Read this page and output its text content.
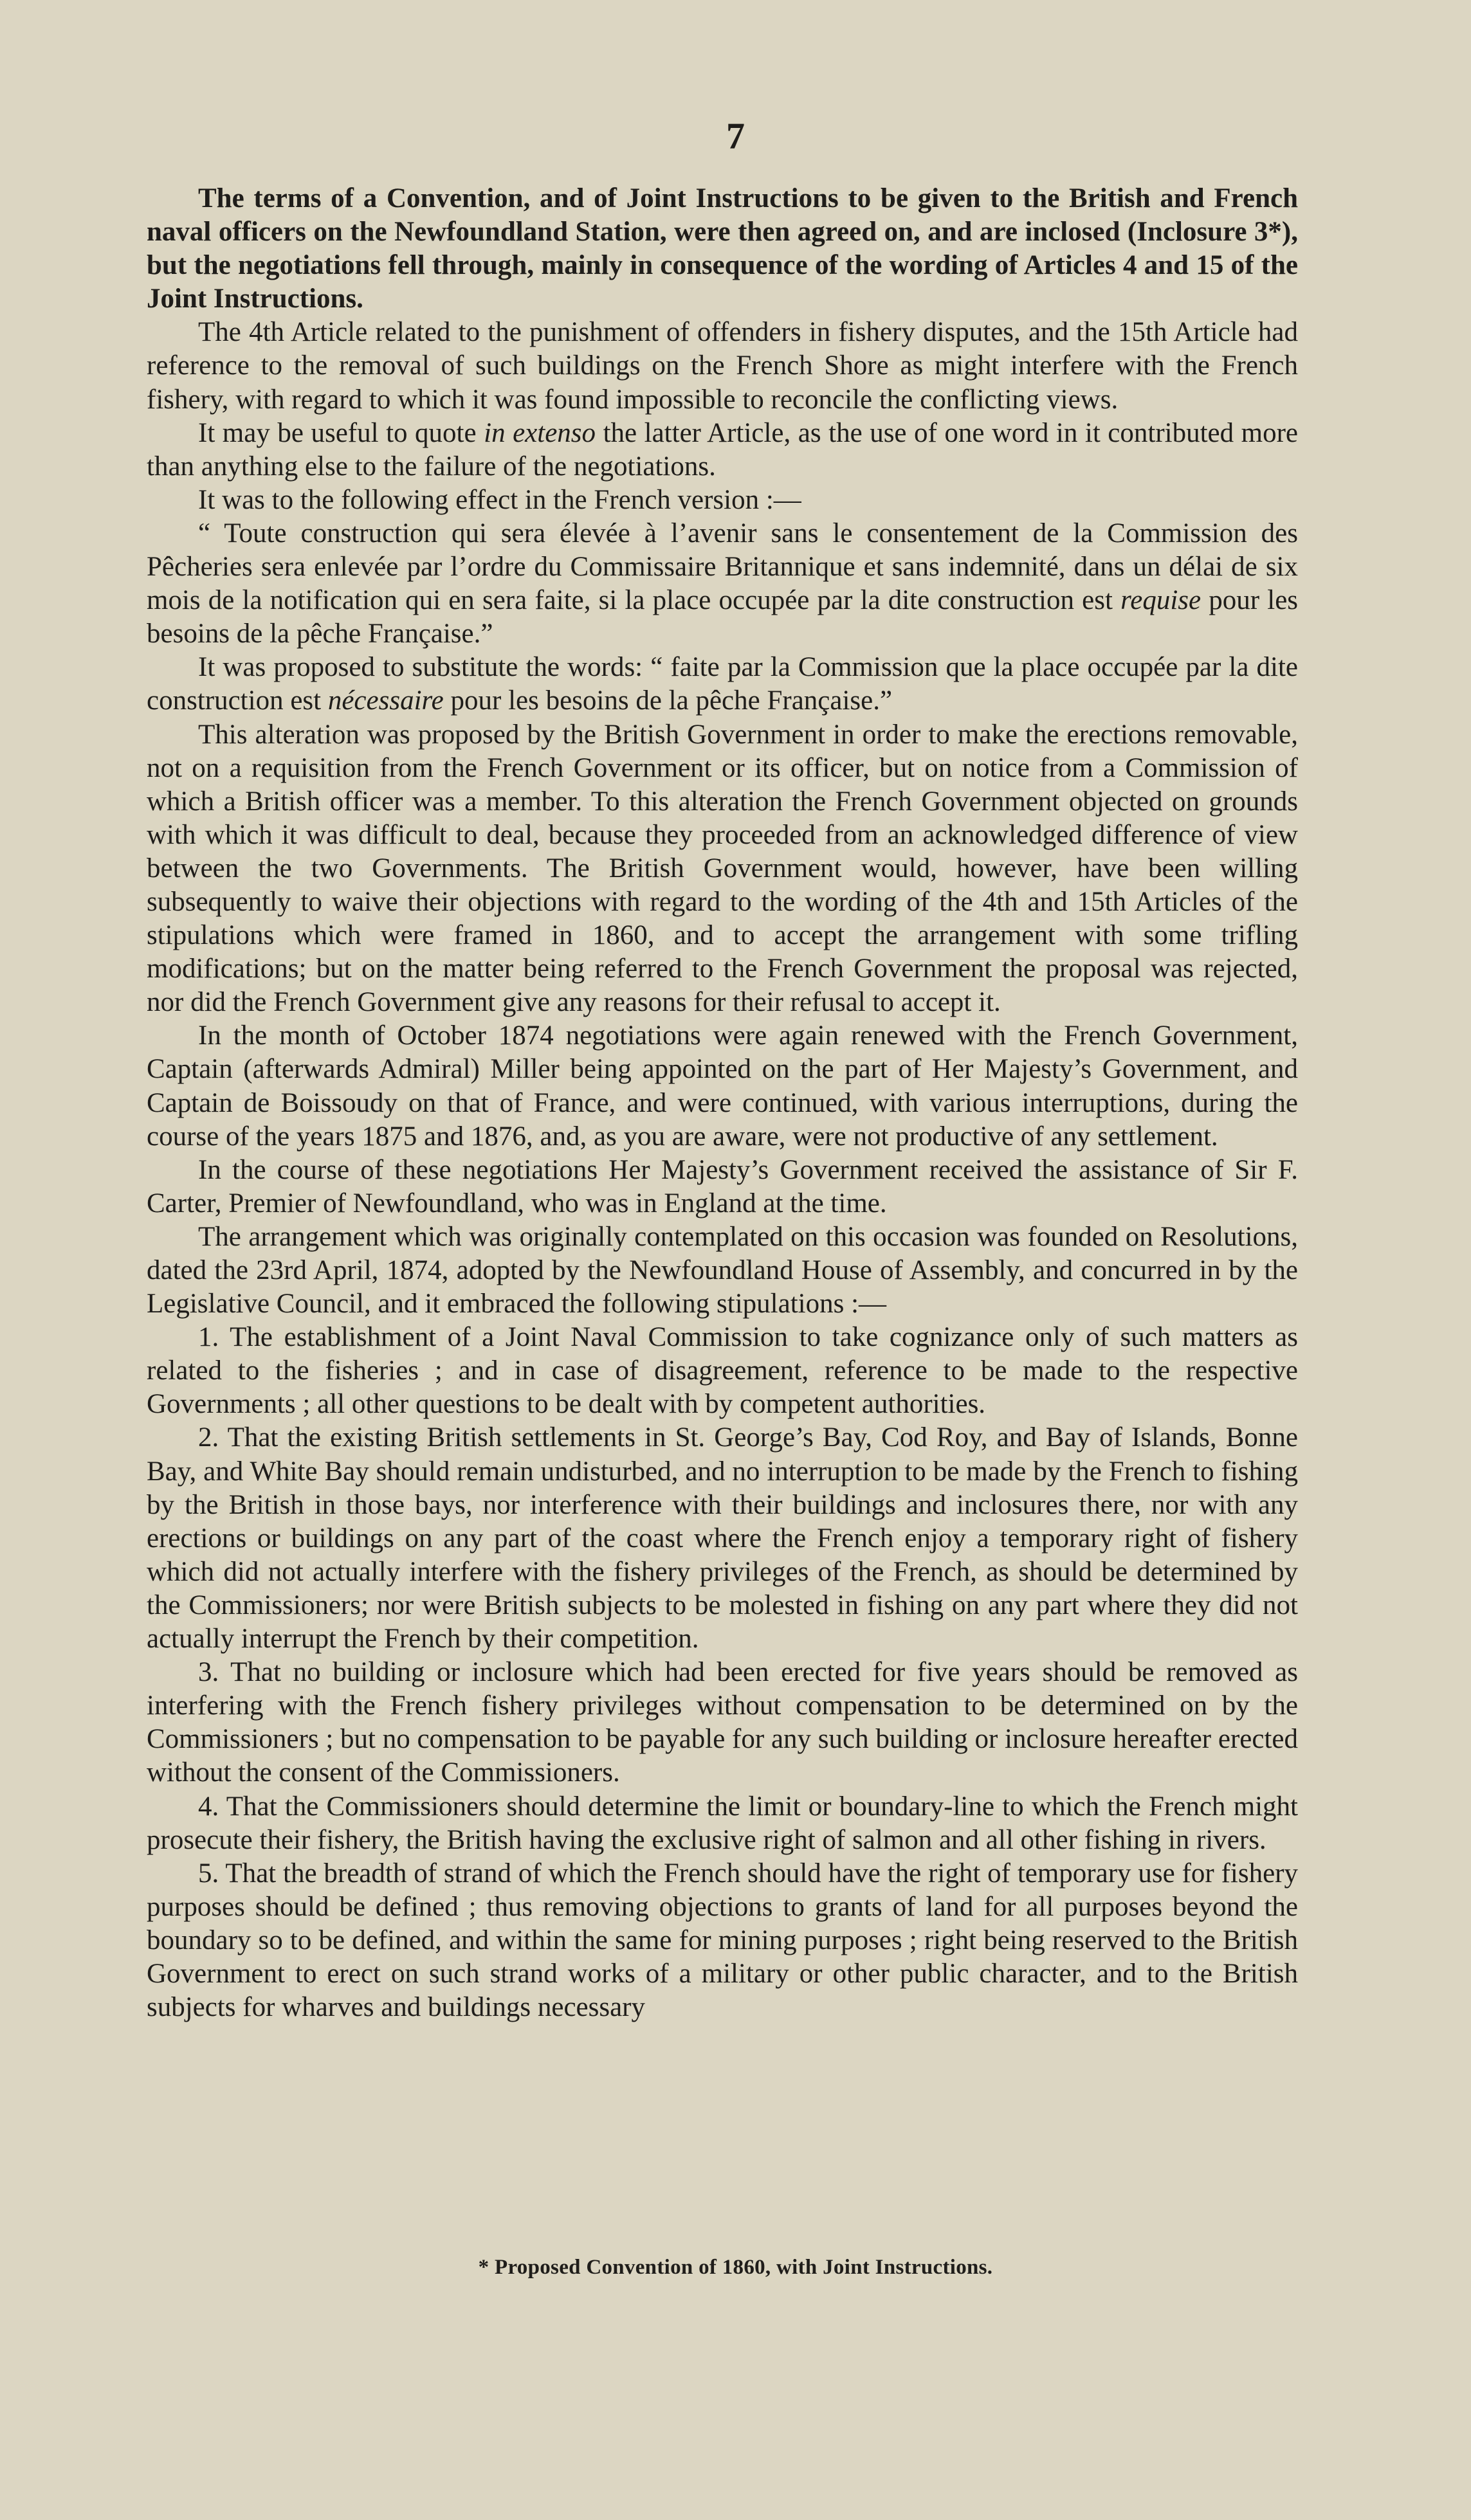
7

The terms of a Convention, and of Joint Instructions to be given to the British and French naval officers on the Newfoundland Station, were then agreed on, and are inclosed (Inclosure 3*), but the negotiations fell through, mainly in consequence of the wording of Articles 4 and 15 of the Joint Instructions.

The 4th Article related to the punishment of offenders in fishery disputes, and the 15th Article had reference to the removal of such buildings on the French Shore as might interfere with the French fishery, with regard to which it was found impossible to reconcile the conflicting views.

It may be useful to quote in extenso the latter Article, as the use of one word in it contributed more than anything else to the failure of the negotiations.

It was to the following effect in the French version :—

“ Toute construction qui sera élevée à l’avenir sans le consentement de la Commission des Pêcheries sera enlevée par l’ordre du Commissaire Britannique et sans indemnité, dans un délai de six mois de la notification qui en sera faite, si la place occupée par la dite construction est requise pour les besoins de la pêche Française.”

It was proposed to substitute the words: “ faite par la Commission que la place occupée par la dite construction est nécessaire pour les besoins de la pêche Française.”

This alteration was proposed by the British Government in order to make the erections removable, not on a requisition from the French Government or its officer, but on notice from a Commission of which a British officer was a member. To this alteration the French Government objected on grounds with which it was difficult to deal, because they proceeded from an acknowledged difference of view between the two Governments. The British Government would, however, have been willing subsequently to waive their objections with regard to the wording of the 4th and 15th Articles of the stipulations which were framed in 1860, and to accept the arrangement with some trifling modifications; but on the matter being referred to the French Government the proposal was rejected, nor did the French Government give any reasons for their refusal to accept it.

In the month of October 1874 negotiations were again renewed with the French Government, Captain (afterwards Admiral) Miller being appointed on the part of Her Majesty’s Government, and Captain de Boissoudy on that of France, and were continued, with various interruptions, during the course of the years 1875 and 1876, and, as you are aware, were not productive of any settlement.

In the course of these negotiations Her Majesty’s Government received the assistance of Sir F. Carter, Premier of Newfoundland, who was in England at the time.

The arrangement which was originally contemplated on this occasion was founded on Resolutions, dated the 23rd April, 1874, adopted by the Newfoundland House of Assembly, and concurred in by the Legislative Council, and it embraced the following stipulations :—

1. The establishment of a Joint Naval Commission to take cognizance only of such matters as related to the fisheries ; and in case of disagreement, reference to be made to the respective Governments ; all other questions to be dealt with by competent authorities.

2. That the existing British settlements in St. George’s Bay, Cod Roy, and Bay of Islands, Bonne Bay, and White Bay should remain undisturbed, and no interruption to be made by the French to fishing by the British in those bays, nor interference with their buildings and inclosures there, nor with any erections or buildings on any part of the coast where the French enjoy a temporary right of fishery which did not actually interfere with the fishery privileges of the French, as should be determined by the Commissioners; nor were British subjects to be molested in fishing on any part where they did not actually interrupt the French by their competition.

3. That no building or inclosure which had been erected for five years should be removed as interfering with the French fishery privileges without compensation to be determined on by the Commissioners ; but no compensation to be payable for any such building or inclosure hereafter erected without the consent of the Commissioners.

4. That the Commissioners should determine the limit or boundary-line to which the French might prosecute their fishery, the British having the exclusive right of salmon and all other fishing in rivers.

5. That the breadth of strand of which the French should have the right of temporary use for fishery purposes should be defined ; thus removing objections to grants of land for all purposes beyond the boundary so to be defined, and within the same for mining purposes ; right being reserved to the British Government to erect on such strand works of a military or other public character, and to the British subjects for wharves and buildings necessary

* Proposed Convention of 1860, with Joint Instructions.
